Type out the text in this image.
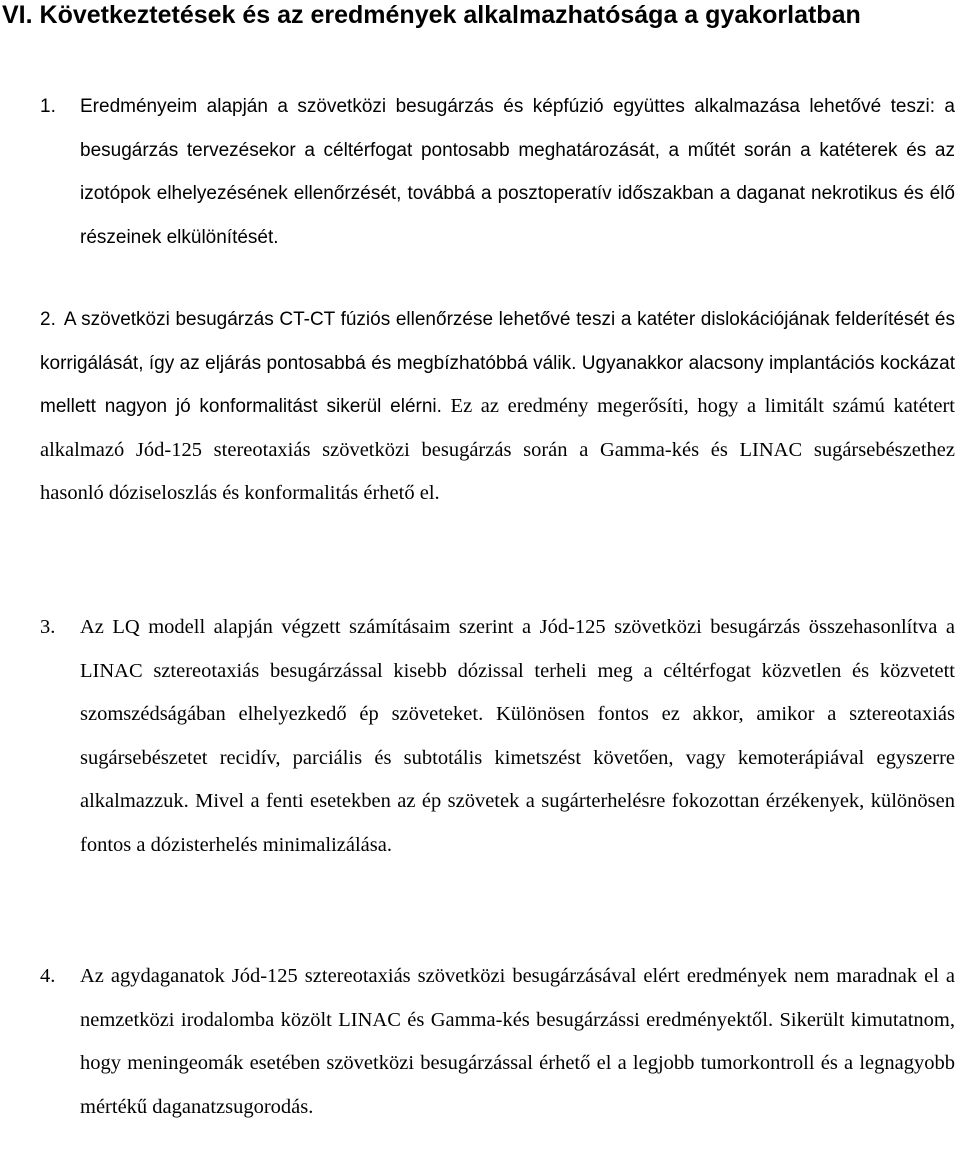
VI. Következtetések és az eredmények alkalmazhatósága a gyakorlatban

1. Eredményeim alapján a szövetközi besugárzás és képfúzió együttes alkalmazása lehetővé teszi: a besugárzás tervezésekor a céltérfogat pontosabb meghatározását, a műtét során a katéterek és az izotópok elhelyezésének ellenőrzését, továbbá a posztoperatív időszakban a daganat nekrotikus és élő részeinek elkülönítését.

2. A szövetközi besugárzás CT-CT fúziós ellenőrzése lehetővé teszi a katéter dislokációjának felderítését és korrigálását, így az eljárás pontosabbá és megbízhatóbbá válik. Ugyanakkor alacsony implantációs kockázat mellett nagyon jó konformalitást sikerül elérni. Ez az eredmény megerősíti, hogy a limitált számú katétert alkalmazó Jód-125 stereotaxiás szövetközi besugárzás során a Gamma-kés és LINAC sugársebészethez hasonló dóziseloszlás és konformalitás érhető el.

3. Az LQ modell alapján végzett számításaim szerint a Jód-125 szövetközi besugárzás összehasonlítva a LINAC sztereotaxiás besugárzással kisebb dózissal terheli meg a céltérfogat közvetlen és közvetett szomszédságában elhelyezkedő ép szöveteket. Különösen fontos ez akkor, amikor a sztereotaxiás sugársebészetet recidív, parciális és subtotális kimetszést követően, vagy kemoterápiával egyszerre alkalmazzuk. Mivel a fenti esetekben az ép szövetek a sugárterhelésre fokozottan érzékenyek, különösen fontos a dózisterhelés minimalizálása.

4. Az agydaganatok Jód-125 sztereotaxiás szövetközi besugárzásával elért eredmények nem maradnak el a nemzetközi irodalomba közölt LINAC és Gamma-kés besugárzássi eredményektől. Sikerült kimutatnom, hogy meningeomák esetében szövetközi besugárzással érhető el a legjobb tumorkontroll és a legnagyobb mértékű daganatzsugorodás.
